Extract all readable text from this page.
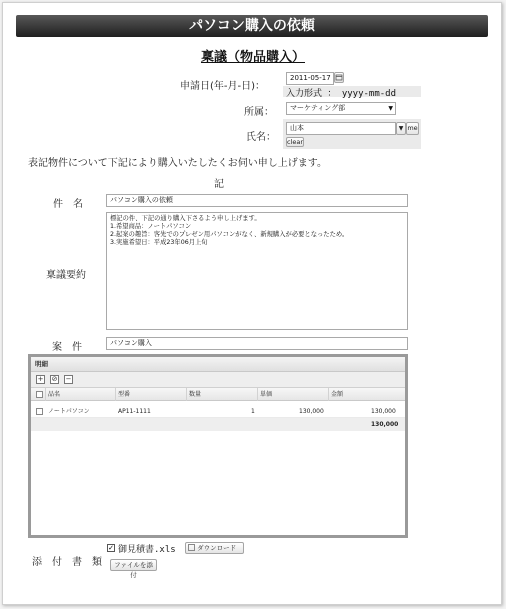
パソコン購入の依頼
稟議（物品購入）
申請日(年-月-日)：
2011-05-17
入力形式 ： yyyy-mm-dd
所属：	マーケティング部	▼
氏名：
山本	▼ me
clear
表記物件について下記により購入いたしたくお伺い申し上げます。
記
件　名	パソコン購入の依頼
稟議要約
標記の件、下記の通り購入下さるよう申し上げます。 1.希望商品：ノートパソコン 2.起案の趣旨：客先でのプレゼン用パソコンがなく、新規購入が必要となったため。 3.実施希望日：平成23年06月上旬
案　件	パソコン購入
明細
+ ⊘ −
品名	型番	数量	単価	金額
ノートパソコン	AP11-1111	1	130,000	130,000
130,000
添　付　書　類
✓ 御見積書.xls	ダウンロード
ファイルを添付
